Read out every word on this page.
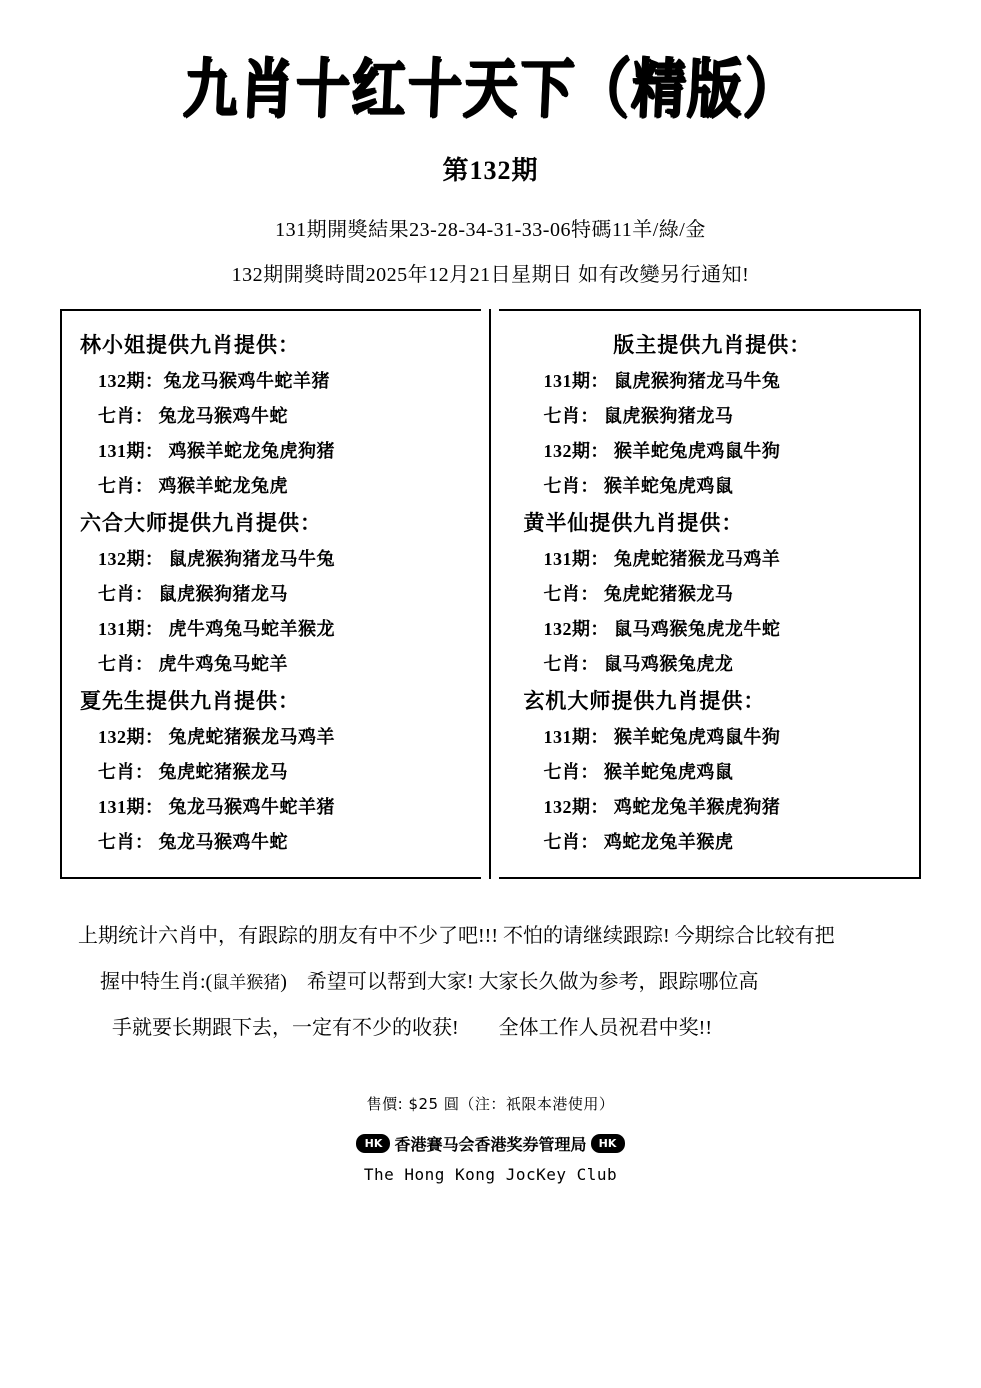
九肖十红十天下（精版）
第132期
131期開獎結果23-28-34-31-33-06特碼11羊/綠/金
132期開獎時間2025年12月21日星期日 如有改變另行通知!
林小姐提供九肖提供：
132期：兔龙马猴鸡牛蛇羊猪
七肖： 兔龙马猴鸡牛蛇
131期： 鸡猴羊蛇龙兔虎狗猪
七肖： 鸡猴羊蛇龙兔虎
六合大师提供九肖提供：
132期： 鼠虎猴狗猪龙马牛兔
七肖： 鼠虎猴狗猪龙马
131期： 虎牛鸡兔马蛇羊猴龙
七肖： 虎牛鸡兔马蛇羊
夏先生提供九肖提供：
132期： 兔虎蛇猪猴龙马鸡羊
七肖： 兔虎蛇猪猴龙马
131期： 兔龙马猴鸡牛蛇羊猪
七肖： 兔龙马猴鸡牛蛇
版主提供九肖提供：
131期： 鼠虎猴狗猪龙马牛兔
七肖： 鼠虎猴狗猪龙马
132期： 猴羊蛇兔虎鸡鼠牛狗
七肖： 猴羊蛇兔虎鸡鼠
黄半仙提供九肖提供：
131期： 兔虎蛇猪猴龙马鸡羊
七肖： 兔虎蛇猪猴龙马
132期： 鼠马鸡猴兔虎龙牛蛇
七肖： 鼠马鸡猴兔虎龙
玄机大师提供九肖提供：
131期： 猴羊蛇兔虎鸡鼠牛狗
七肖： 猴羊蛇兔虎鸡鼠
132期： 鸡蛇龙兔羊猴虎狗猪
七肖： 鸡蛇龙兔羊猴虎
上期统计六肖中，有跟踪的朋友有中不少了吧!!! 不怕的请继续跟踪! 今期综合比较有把
握中特生肖:(鼠羊猴猪)　希望可以帮到大家! 大家长久做为参考，跟踪哪位高
手就要长期跟下去，一定有不少的收获!　　全体工作人员祝君中奖!!
售價: $25 圓（注：祇限本港使用）
HK 香港賽马会香港奖券管理局	HK
The Hong Kong JocKey Club
